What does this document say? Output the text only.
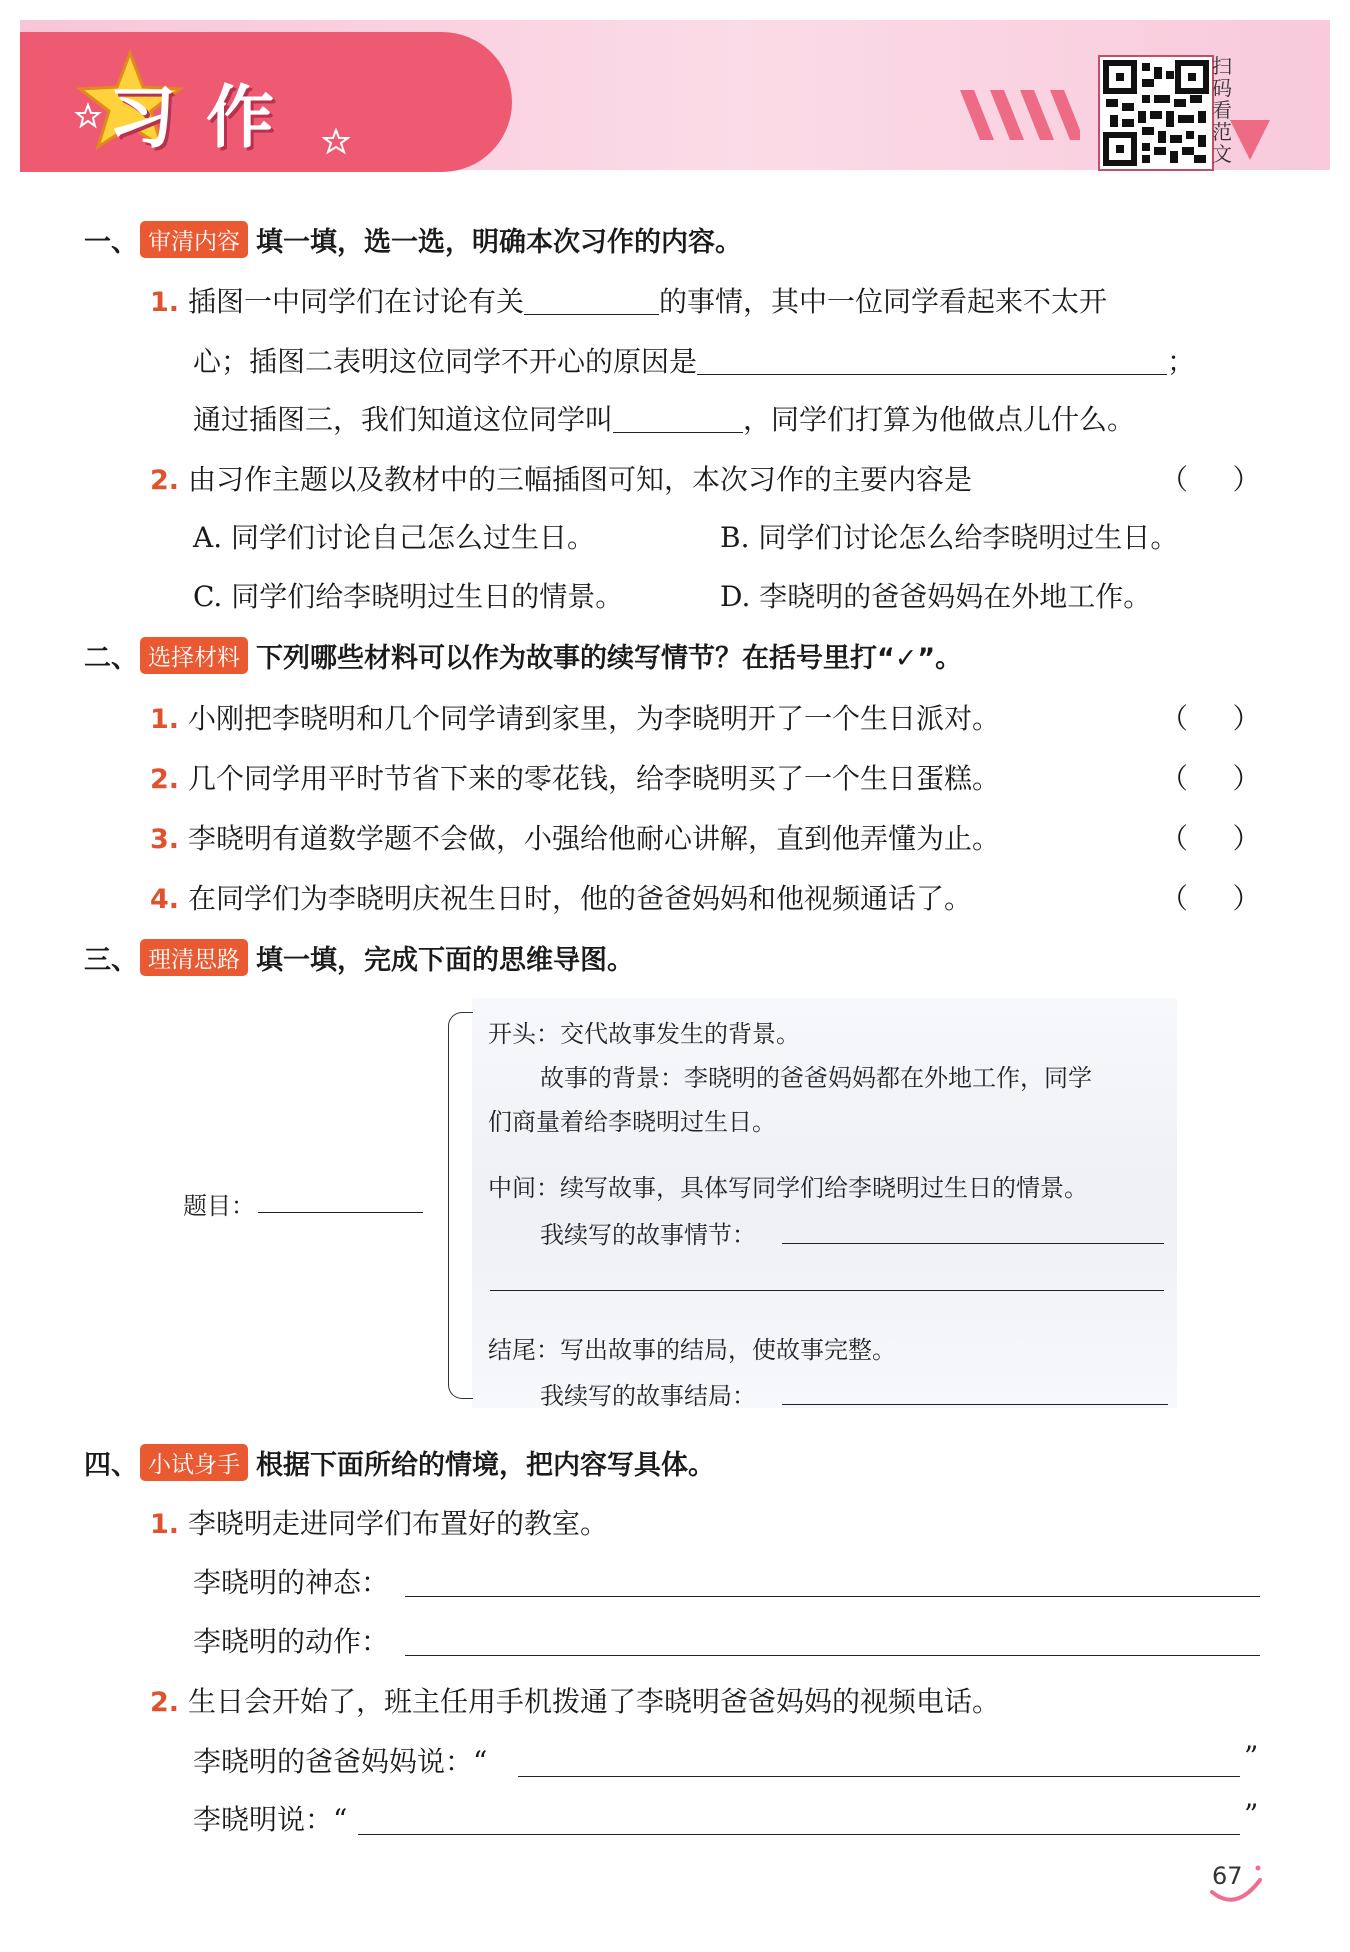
习作
扫码看范文
一、 审清内容 填一填，选一选，明确本次习作的内容。
1. 插图一中同学们在讨论有关	的事情，其中一位同学看起来不太开
心；插图二表明这位同学不开心的原因是	；
通过插图三，我们知道这位同学叫	，同学们打算为他做点儿什么。
2. 由习作主题以及教材中的三幅插图可知，本次习作的主要内容是	（     ）
A. 同学们讨论自己怎么过生日。	B. 同学们讨论怎么给李晓明过生日。
C. 同学们给李晓明过生日的情景。	D. 李晓明的爸爸妈妈在外地工作。
二、 选择材料 下列哪些材料可以作为故事的续写情节？在括号里打“✓”。
1. 小刚把李晓明和几个同学请到家里，为李晓明开了一个生日派对。	（     ）
2. 几个同学用平时节省下来的零花钱，给李晓明买了一个生日蛋糕。	（     ）
3. 李晓明有道数学题不会做，小强给他耐心讲解，直到他弄懂为止。	（     ）
4. 在同学们为李晓明庆祝生日时，他的爸爸妈妈和他视频通话了。	（     ）
三、 理清思路 填一填，完成下面的思维导图。
题目：
开头：交代故事发生的背景。
故事的背景：李晓明的爸爸妈妈都在外地工作，同学
们商量着给李晓明过生日。
中间：续写故事，具体写同学们给李晓明过生日的情景。
我续写的故事情节：
结尾：写出故事的结局，使故事完整。
我续写的故事结局：
四、 小试身手 根据下面所给的情境，把内容写具体。
1. 李晓明走进同学们布置好的教室。
李晓明的神态：
李晓明的动作：
2. 生日会开始了，班主任用手机拨通了李晓明爸爸妈妈的视频电话。
李晓明的爸爸妈妈说：“	”
李晓明说：“	”
67
